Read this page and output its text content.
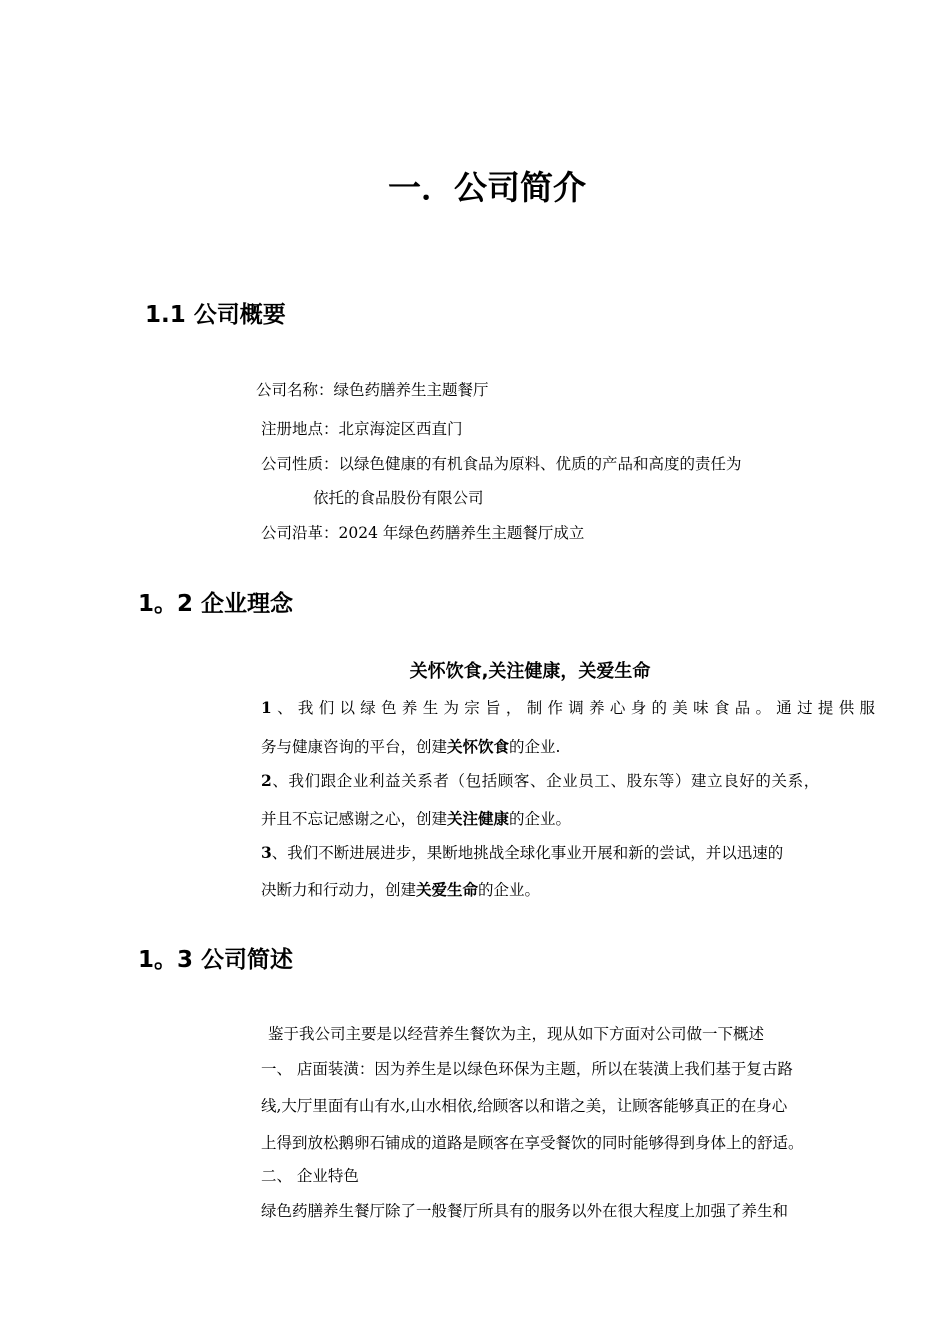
一．公司简介
1.1 公司概要
公司名称：绿色药膳养生主题餐厅
注册地点：北京海淀区西直门
公司性质：以绿色健康的有机食品为原料、优质的产品和高度的责任为
依托的食品股份有限公司
公司沿革：2024 年绿色药膳养生主题餐厅成立
1。2 企业理念
关怀饮食,关注健康，关爱生命
1、我们以绿色养生为宗旨，制作调养心身的美味食品。通过提供服
务与健康咨询的平台，创建关怀饮食的企业.
2、我们跟企业利益关系者（包括顾客、企业员工、股东等）建立良好的关系，
并且不忘记感谢之心，创建关注健康的企业。
3、我们不断进展进步，果断地挑战全球化事业开展和新的尝试，并以迅速的
决断力和行动力，创建关爱生命的企业。
1。3 公司简述
鉴于我公司主要是以经营养生餐饮为主，现从如下方面对公司做一下概述
一、 店面装潢：因为养生是以绿色环保为主题，所以在装潢上我们基于复古路
线,大厅里面有山有水,山水相依,给顾客以和谐之美，让顾客能够真正的在身心
上得到放松鹅卵石铺成的道路是顾客在享受餐饮的同时能够得到身体上的舒适。
二、 企业特色
绿色药膳养生餐厅除了一般餐厅所具有的服务以外在很大程度上加强了养生和
